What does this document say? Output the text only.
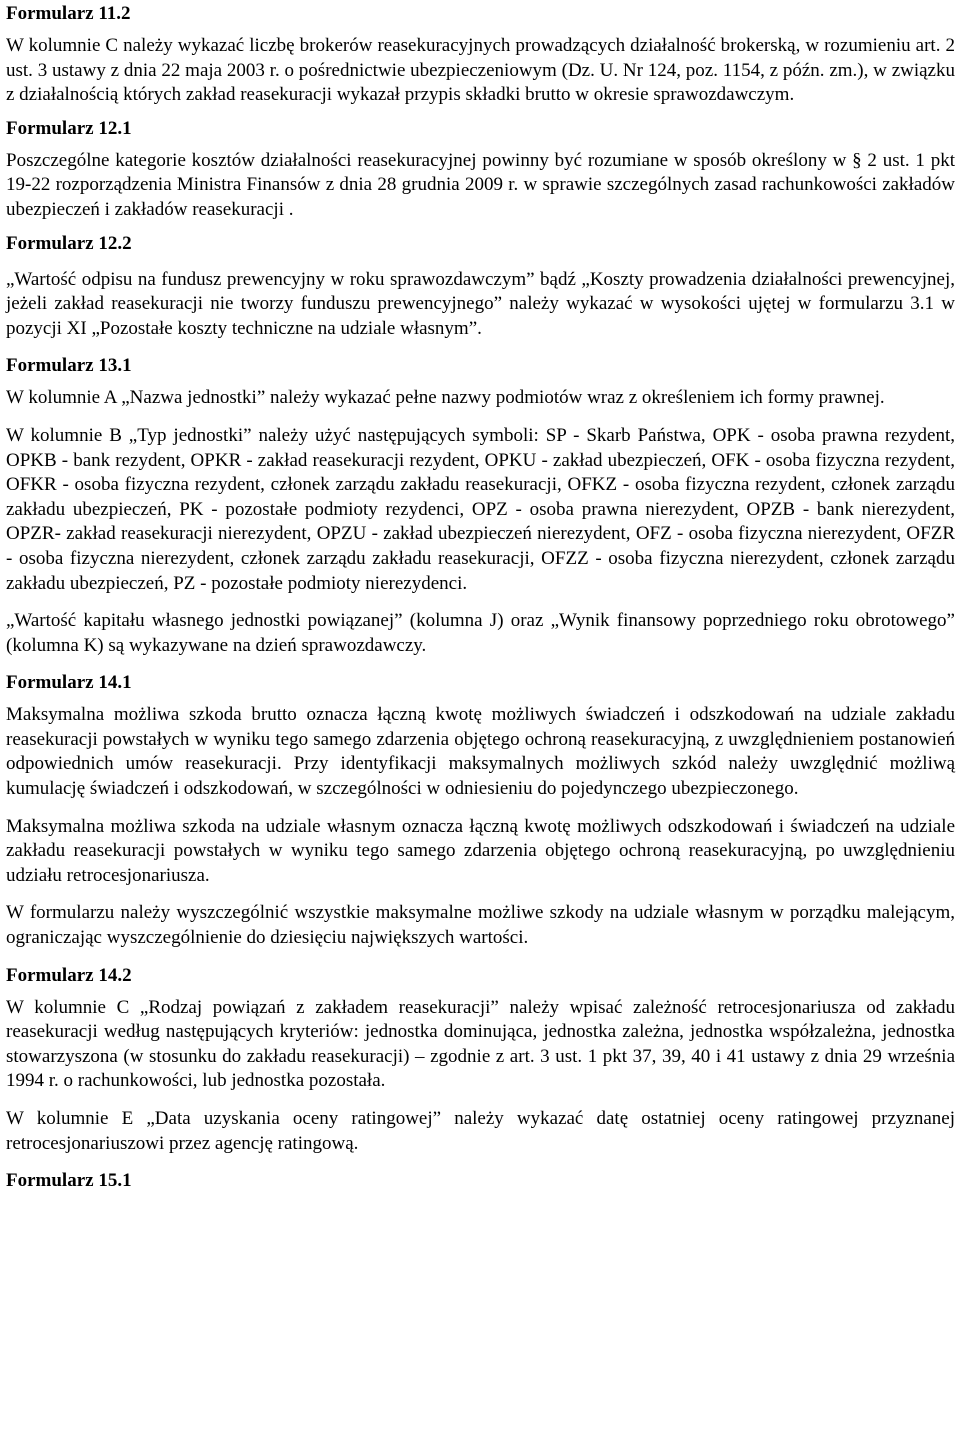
Formularz 11.2

W kolumnie C należy wykazać liczbę brokerów reasekuracyjnych prowadzących działalność brokerską, w rozumieniu art. 2 ust. 3 ustawy z dnia 22 maja 2003 r. o pośrednictwie ubezpieczeniowym (Dz. U. Nr 124, poz. 1154, z późn. zm.), w związku z działalnością których zakład reasekuracji wykazał przypis składki brutto w okresie sprawozdawczym.

Formularz 12.1

Poszczególne kategorie kosztów działalności reasekuracyjnej powinny być rozumiane w sposób określony w § 2 ust. 1 pkt 19-22 rozporządzenia Ministra Finansów z dnia 28 grudnia 2009 r. w sprawie szczególnych zasad rachunkowości zakładów ubezpieczeń i zakładów reasekuracji .

Formularz 12.2

„Wartość odpisu na fundusz prewencyjny w roku sprawozdawczym” bądź „Koszty prowadzenia działalności prewencyjnej, jeżeli zakład reasekuracji nie tworzy funduszu prewencyjnego” należy wykazać w wysokości ujętej w formularzu 3.1 w pozycji XI „Pozostałe koszty techniczne na udziale własnym”.

Formularz 13.1

W kolumnie A „Nazwa jednostki” należy wykazać pełne nazwy podmiotów wraz z określeniem ich formy prawnej.

W kolumnie B „Typ jednostki” należy użyć następujących symboli: SP - Skarb Państwa, OPK - osoba prawna rezydent, OPKB - bank rezydent, OPKR - zakład reasekuracji rezydent, OPKU - zakład ubezpieczeń, OFK - osoba fizyczna rezydent, OFKR - osoba fizyczna rezydent, członek zarządu zakładu reasekuracji, OFKZ - osoba fizyczna rezydent, członek zarządu zakładu ubezpieczeń, PK - pozostałe podmioty rezydenci, OPZ - osoba prawna nierezydent, OPZB - bank nierezydent, OPZR- zakład reasekuracji nierezydent, OPZU - zakład ubezpieczeń nierezydent, OFZ - osoba fizyczna nierezydent, OFZR - osoba fizyczna nierezydent, członek zarządu zakładu reasekuracji, OFZZ - osoba fizyczna nierezydent, członek zarządu zakładu ubezpieczeń, PZ - pozostałe podmioty nierezydenci.

„Wartość kapitału własnego jednostki powiązanej” (kolumna J) oraz „Wynik finansowy poprzedniego roku obrotowego” (kolumna K) są wykazywane na dzień sprawozdawczy.

Formularz 14.1

Maksymalna możliwa szkoda brutto oznacza łączną kwotę możliwych świadczeń i odszkodowań na udziale zakładu reasekuracji powstałych w wyniku tego samego zdarzenia objętego ochroną reasekuracyjną, z uwzględnieniem postanowień odpowiednich umów reasekuracji. Przy identyfikacji maksymalnych możliwych szkód należy uwzględnić możliwą kumulację świadczeń i odszkodowań, w szczególności w odniesieniu do pojedynczego ubezpieczonego.

Maksymalna możliwa szkoda na udziale własnym oznacza łączną kwotę możliwych odszkodowań i świadczeń na udziale zakładu reasekuracji powstałych w wyniku tego samego zdarzenia objętego ochroną reasekuracyjną, po uwzględnieniu udziału retrocesjonariusza.

W formularzu należy wyszczególnić wszystkie maksymalne możliwe szkody na udziale własnym w porządku malejącym, ograniczając wyszczególnienie do dziesięciu największych wartości.

Formularz 14.2

W kolumnie C „Rodzaj powiązań z zakładem reasekuracji” należy wpisać zależność retrocesjonariusza od zakładu reasekuracji według następujących kryteriów: jednostka dominująca, jednostka zależna, jednostka współzależna, jednostka stowarzyszona (w stosunku do zakładu reasekuracji) – zgodnie z art. 3 ust. 1 pkt 37, 39, 40 i 41 ustawy z dnia 29 września 1994 r. o rachunkowości, lub jednostka pozostała.

W kolumnie E „Data uzyskania oceny ratingowej” należy wykazać datę ostatniej oceny ratingowej przyznanej retrocesjonariuszowi przez agencję ratingową.

Formularz 15.1
